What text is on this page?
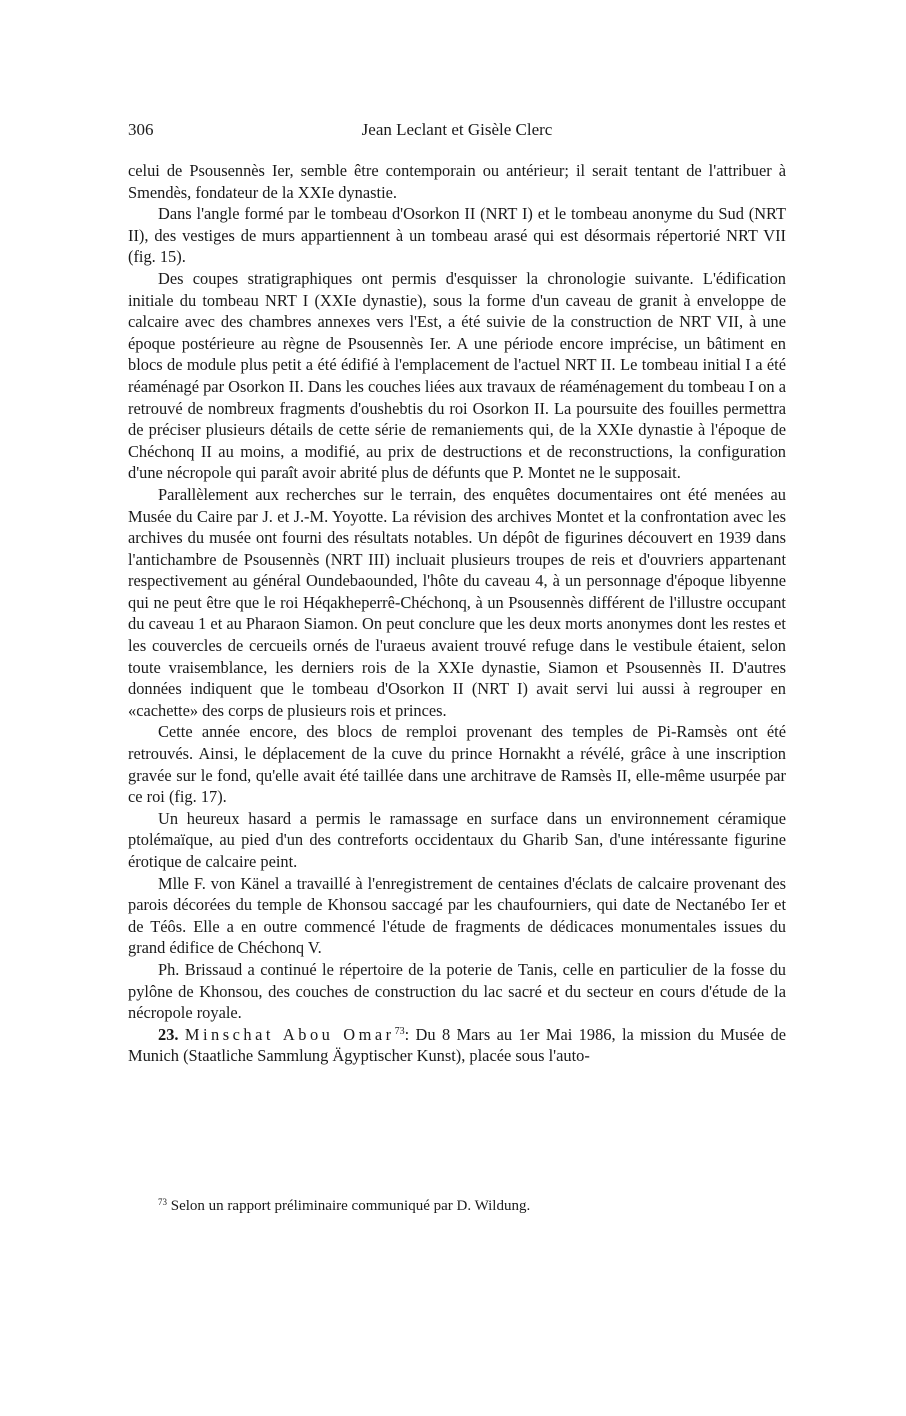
306	Jean Leclant et Gisèle Clerc

celui de Psousennès Ier, semble être contemporain ou antérieur; il serait tentant de l'attribuer à Smendès, fondateur de la XXIe dynastie.

Dans l'angle formé par le tombeau d'Osorkon II (NRT I) et le tombeau anonyme du Sud (NRT II), des vestiges de murs appartiennent à un tombeau arasé qui est désormais répertorié NRT VII (fig. 15).

Des coupes stratigraphiques ont permis d'esquisser la chronologie suivante. L'édification initiale du tombeau NRT I (XXIe dynastie), sous la forme d'un caveau de granit à enveloppe de calcaire avec des chambres annexes vers l'Est, a été suivie de la construction de NRT VII, à une époque postérieure au règne de Psousennès Ier. A une période encore imprécise, un bâtiment en blocs de module plus petit a été édifié à l'emplacement de l'actuel NRT II. Le tombeau initial I a été réaménagé par Osorkon II. Dans les couches liées aux travaux de réaménagement du tombeau I on a retrouvé de nombreux fragments d'oushebtis du roi Osorkon II. La poursuite des fouilles permettra de préciser plusieurs détails de cette série de remaniements qui, de la XXIe dynastie à l'époque de Chéchonq II au moins, a modifié, au prix de destructions et de reconstructions, la configuration d'une nécropole qui paraît avoir abrité plus de défunts que P. Montet ne le supposait.

Parallèlement aux recherches sur le terrain, des enquêtes documentaires ont été menées au Musée du Caire par J. et J.-M. Yoyotte. La révision des archives Montet et la confrontation avec les archives du musée ont fourni des résultats notables. Un dépôt de figurines découvert en 1939 dans l'antichambre de Psousennès (NRT III) incluait plusieurs troupes de reis et d'ouvriers appartenant respectivement au général Oundebaounded, l'hôte du caveau 4, à un personnage d'époque libyenne qui ne peut être que le roi Héqakheperrê-Chéchonq, à un Psousennès différent de l'illustre occupant du caveau 1 et au Pharaon Siamon. On peut conclure que les deux morts anonymes dont les restes et les couvercles de cercueils ornés de l'uraeus avaient trouvé refuge dans le vestibule étaient, selon toute vraisemblance, les derniers rois de la XXIe dynastie, Siamon et Psousennès II. D'autres données indiquent que le tombeau d'Osorkon II (NRT I) avait servi lui aussi à regrouper en «cachette» des corps de plusieurs rois et princes.

Cette année encore, des blocs de remploi provenant des temples de Pi-Ramsès ont été retrouvés. Ainsi, le déplacement de la cuve du prince Hornakht a révélé, grâce à une inscription gravée sur le fond, qu'elle avait été taillée dans une architrave de Ramsès II, elle-même usurpée par ce roi (fig. 17).

Un heureux hasard a permis le ramassage en surface dans un environnement céramique ptolémaïque, au pied d'un des contreforts occidentaux du Gharib San, d'une intéressante figurine érotique de calcaire peint.

Mlle F. von Känel a travaillé à l'enregistrement de centaines d'éclats de calcaire provenant des parois décorées du temple de Khonsou saccagé par les chaufourniers, qui date de Nectanébo Ier et de Téôs. Elle a en outre commencé l'étude de fragments de dédicaces monumentales issues du grand édifice de Chéchonq V.

Ph. Brissaud a continué le répertoire de la poterie de Tanis, celle en particulier de la fosse du pylône de Khonsou, des couches de construction du lac sacré et du secteur en cours d'étude de la nécropole royale.

23. Minschat Abou Omar$^{73}$: Du 8 Mars au 1er Mai 1986, la mission du Musée de Munich (Staatliche Sammlung Ägyptischer Kunst), placée sous l'auto-

$^{73}$ Selon un rapport préliminaire communiqué par D. Wildung.
